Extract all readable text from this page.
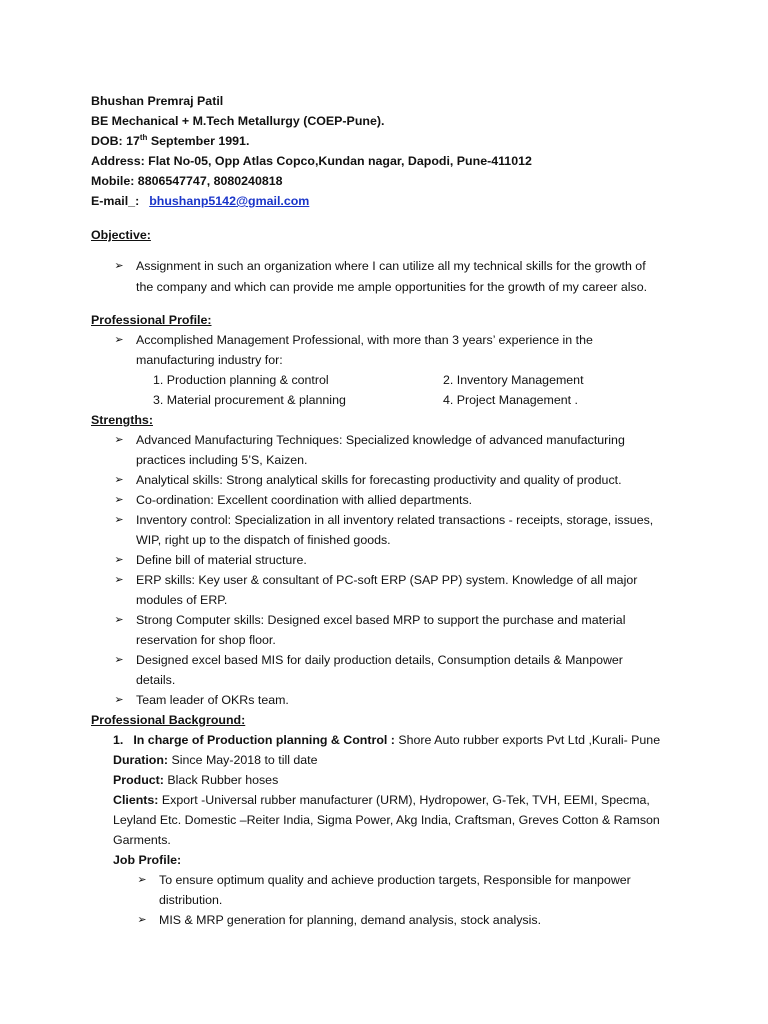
Bhushan Premraj Patil
BE Mechanical + M.Tech Metallurgy (COEP-Pune).
DOB: 17th September 1991.
Address: Flat No-05, Opp Atlas Copco,Kundan nagar, Dapodi, Pune-411012
Mobile: 8806547747, 8080240818
E-mail_: bhushanp5142@gmail.com
Objective:
➢ Assignment in such an organization where I can utilize all my technical skills for the growth of
the company and which can provide me ample opportunities for the growth of my career also.
Professional Profile:
➢ Accomplished Management Professional, with more than 3 years’ experience in the
manufacturing industry for:
1. Production planning & control	2. Inventory Management
3. Material procurement & planning	4. Project Management .
Strengths:
➢ Advanced Manufacturing Techniques: Specialized knowledge of advanced manufacturing
practices including 5’S, Kaizen.
➢ Analytical skills: Strong analytical skills for forecasting productivity and quality of product.
➢ Co-ordination: Excellent coordination with allied departments.
➢ Inventory control: Specialization in all inventory related transactions - receipts, storage, issues,
WIP, right up to the dispatch of finished goods.
➢ Define bill of material structure.
➢ ERP skills: Key user & consultant of PC-soft ERP (SAP PP) system. Knowledge of all major
modules of ERP.
➢ Strong Computer skills: Designed excel based MRP to support the purchase and material
reservation for shop floor.
➢ Designed excel based MIS for daily production details, Consumption details & Manpower
details.
➢ Team leader of OKRs team.
Professional Background:
1. In charge of Production planning & Control : Shore Auto rubber exports Pvt Ltd ,Kurali- Pune
Duration: Since May-2018 to till date
Product: Black Rubber hoses
Clients: Export -Universal rubber manufacturer (URM), Hydropower, G-Tek, TVH, EEMI, Specma,
Leyland Etc. Domestic –Reiter India, Sigma Power, Akg India, Craftsman, Greves Cotton & Ramson
Garments.
Job Profile:
➢ To ensure optimum quality and achieve production targets, Responsible for manpower
distribution.
➢ MIS & MRP generation for planning, demand analysis, stock analysis.
